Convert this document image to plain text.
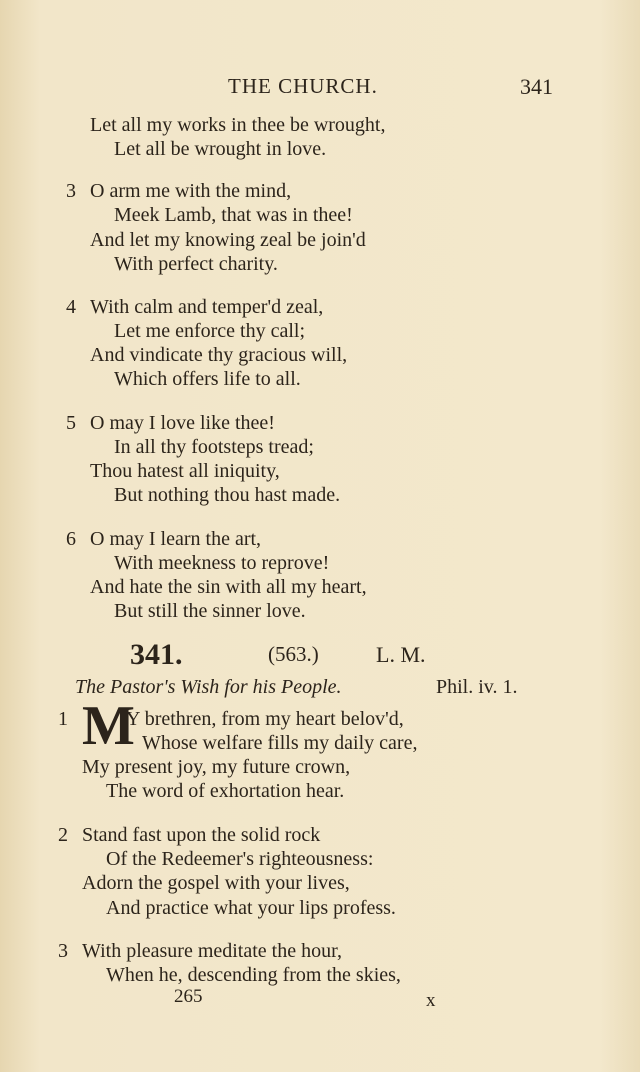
THE CHURCH.	341
Let all my works in thee be wrought,
Let all be wrought in love.
3 O arm me with the mind,
Meek Lamb, that was in thee!
And let my knowing zeal be join'd
With perfect charity.
4 With calm and temper'd zeal,
Let me enforce thy call;
And vindicate thy gracious will,
Which offers life to all.
5 O may I love like thee!
In all thy footsteps tread;
Thou hatest all iniquity,
But nothing thou hast made.
6 O may I learn the art,
With meekness to reprove!
And hate the sin with all my heart,
But still the sinner love.
341.	(563.)	L. M.
The Pastor's Wish for his People.	Phil. iv. 1.
1 M
Y brethren, from my heart belov'd,
Whose welfare fills my daily care,
My present joy, my future crown,
The word of exhortation hear.
2 Stand fast upon the solid rock
Of the Redeemer's righteousness:
Adorn the gospel with your lives,
And practice what your lips profess.
3 With pleasure meditate the hour,
When he, descending from the skies,
265	x
